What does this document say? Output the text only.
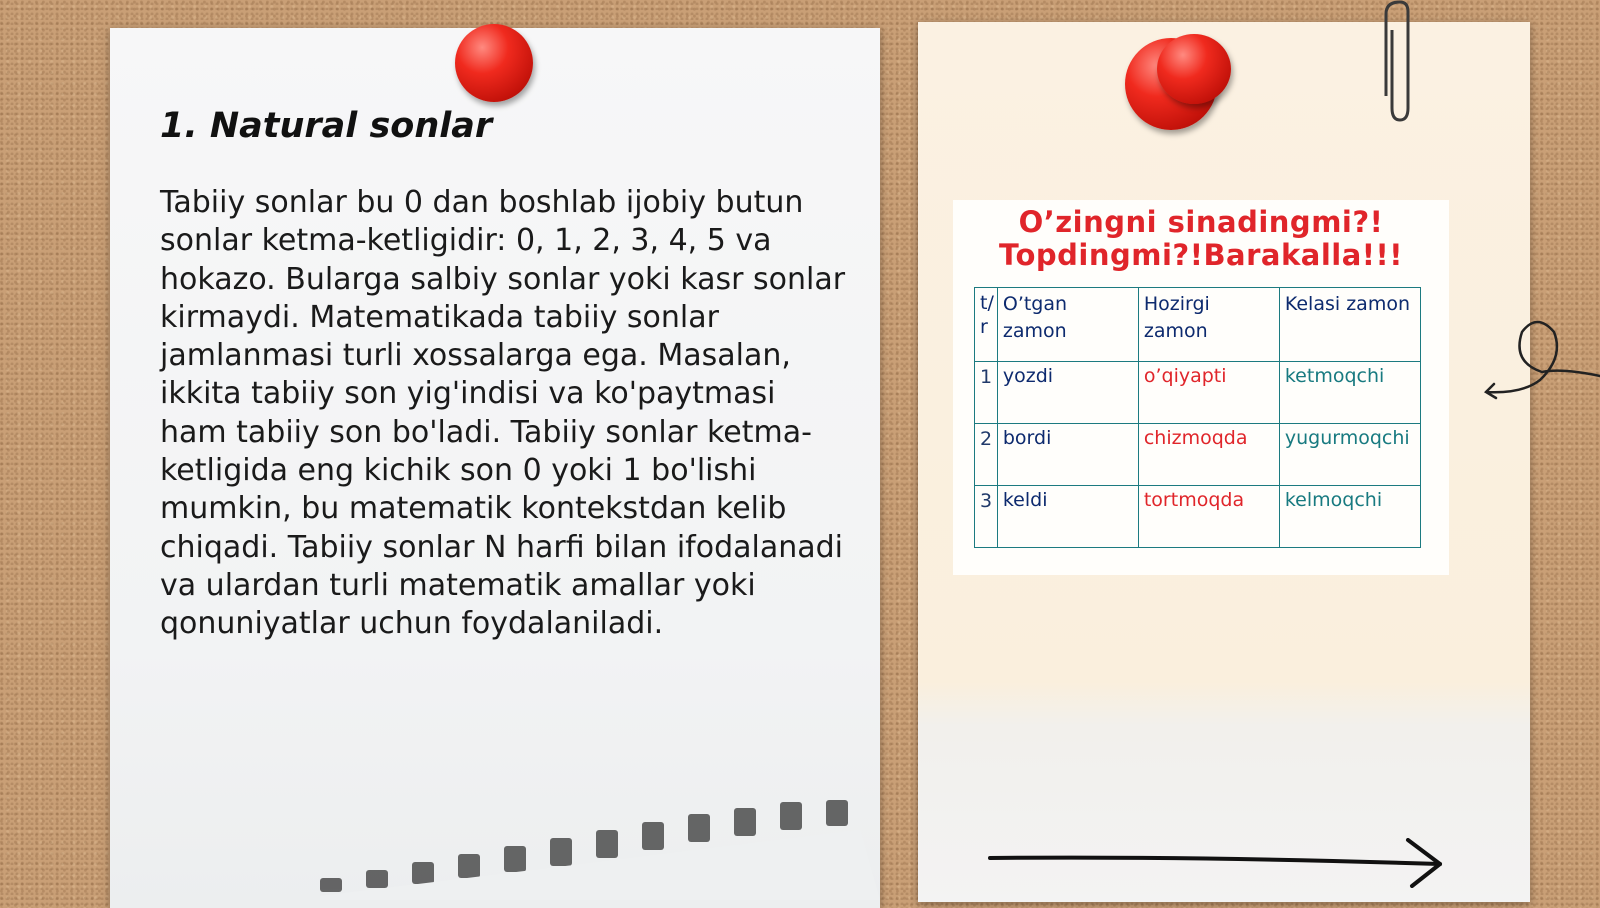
1. Natural sonlar

Tabiiy sonlar bu 0 dan boshlab ijobiy butun sonlar ketma-ketligidir: 0, 1, 2, 3, 4, 5 va hokazo. Bularga salbiy sonlar yoki kasr sonlar kirmaydi. Matematikada tabiiy sonlar jamlanmasi turli xossalarga ega. Masalan, ikkita tabiiy son yig'indisi va ko'paytmasi ham tabiiy son bo'ladi. Tabiiy sonlar ketma-ketligida eng kichik son 0 yoki 1 bo'lishi mumkin, bu matematik kontekstdan kelib chiqadi. Tabiiy sonlar N harfi bilan ifodalanadi va ulardan turli matematik amallar yoki qonuniyatlar uchun foydalaniladi.

O’zingni sinadingmi?!
Topdingmi?!Barakalla!!!
t/r	O’tgan zamon	Hozirgi zamon	Kelasi zamon
1	yozdi	o’qiyapti	ketmoqchi
2	bordi	chizmoqda	yugurmoqchi
3	keldi	tortmoqda	kelmoqchi
